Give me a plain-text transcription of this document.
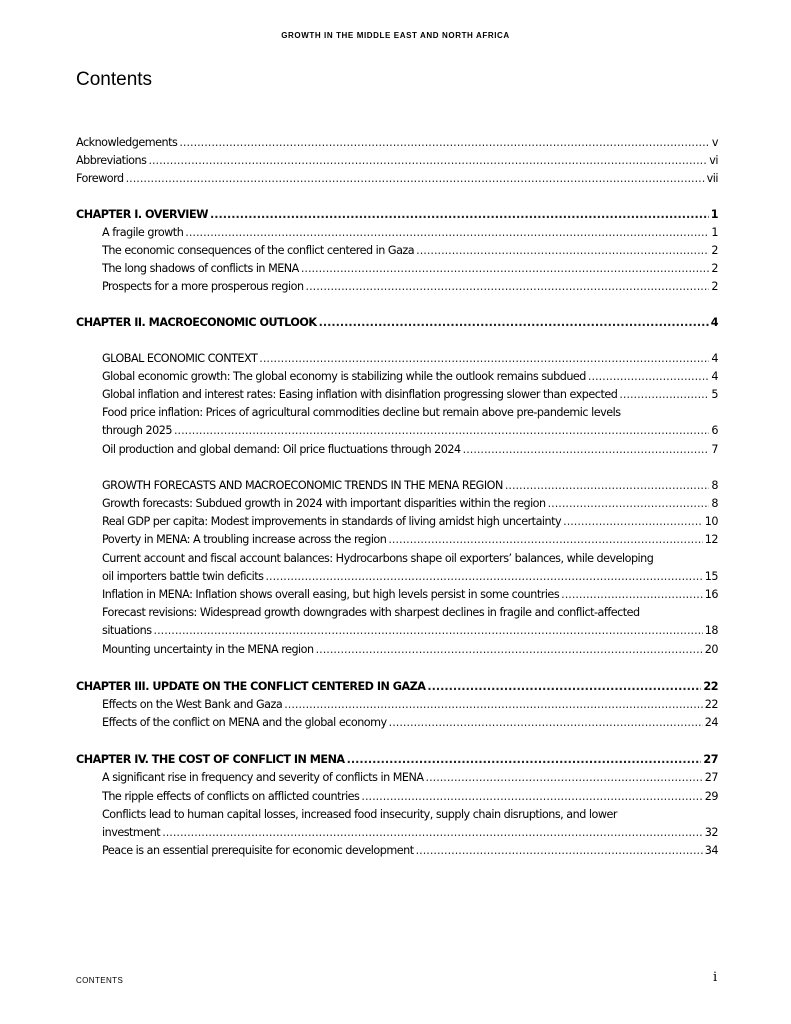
GROWTH IN THE MIDDLE EAST AND NORTH AFRICA
Contents
Acknowledgements .....	v
Abbreviations .....	vi
Foreword .....	vii
CHAPTER I. OVERVIEW .....	1
A fragile growth .....	1
The economic consequences of the conflict centered in Gaza .....	2
The long shadows of conflicts in MENA .....	2
Prospects for a more prosperous region .....	2
CHAPTER II. MACROECONOMIC OUTLOOK .....	4
GLOBAL ECONOMIC CONTEXT .....	4
Global economic growth: The global economy is stabilizing while the outlook remains subdued .....	4
Global inflation and interest rates: Easing inflation with disinflation progressing slower than expected .....	5
Food price inflation: Prices of agricultural commodities decline but remain above pre-pandemic levels
through 2025 .....	6
Oil production and global demand: Oil price fluctuations through 2024 .....	7
GROWTH FORECASTS AND MACROECONOMIC TRENDS IN THE MENA REGION .....	8
Growth forecasts: Subdued growth in 2024 with important disparities within the region .....	8
Real GDP per capita: Modest improvements in standards of living amidst high uncertainty .....	10
Poverty in MENA: A troubling increase across the region .....	12
Current account and fiscal account balances: Hydrocarbons shape oil exporters’ balances, while developing
oil importers battle twin deficits .....	15
Inflation in MENA: Inflation shows overall easing, but high levels persist in some countries .....	16
Forecast revisions: Widespread growth downgrades with sharpest declines in fragile and conflict-affected
situations .....	18
Mounting uncertainty in the MENA region .....	20
CHAPTER III. UPDATE ON THE CONFLICT CENTERED IN GAZA .....	22
Effects on the West Bank and Gaza .....	22
Effects of the conflict on MENA and the global economy .....	24
CHAPTER IV. THE COST OF CONFLICT IN MENA .....	27
A significant rise in frequency and severity of conflicts in MENA .....	27
The ripple effects of conflicts on afflicted countries .....	29
Conflicts lead to human capital losses, increased food insecurity, supply chain disruptions, and lower
investment .....	32
Peace is an essential prerequisite for economic development .....	34
CONTENTS	i
